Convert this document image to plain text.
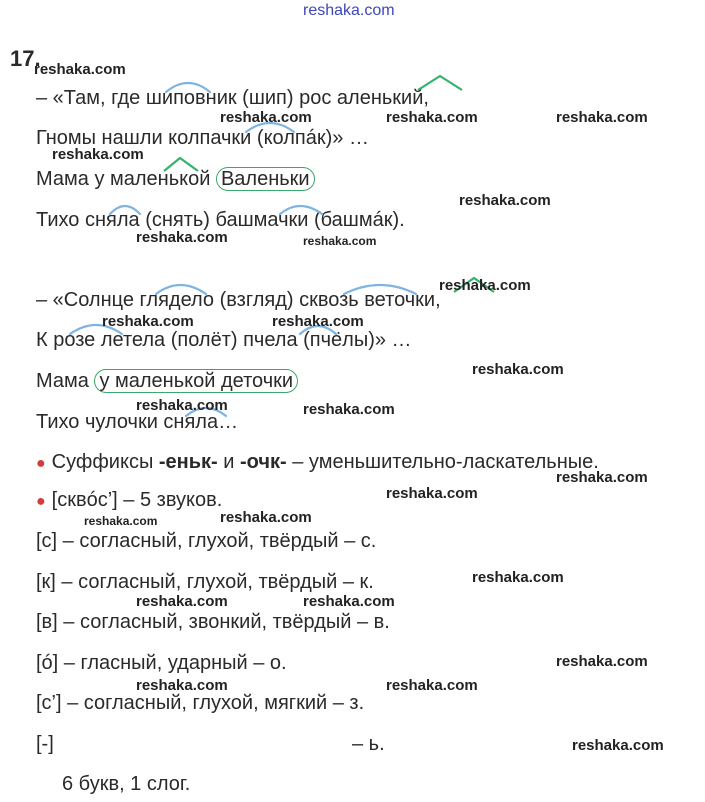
reshaka.com
17.
– «Там, где шиповник (шип) рос аленький,
Гномы нашли колпачки (колпáк)» …
Мама у маленькой Валеньки
Тихо сняла (снять) башмачки (башмáк).
– «Солнце глядело (взгляд) сквозь веточки,
К розе летела (полёт) пчела (пчёлы)» …
Мама у маленькой деточки
Тихо чулочки сняла…
● Суффиксы -еньк- и -очк- – уменьшительно-ласкательные.
● [сквóс’] – 5 звуков.
[с] – согласный, глухой, твёрдый – с.
[к] – согласный, глухой, твёрдый – к.
[в] – согласный, звонкий, твёрдый – в.
[ó] – гласный, ударный – о.
[с’] – согласный, глухой, мягкий – з.
[-]	– ь.
6 букв, 1 слог.
reshaka.com
reshaka.com	reshaka.com	reshaka.com
reshaka.com
reshaka.com
reshaka.com	reshaka.com
reshaka.com
reshaka.com	reshaka.com
reshaka.com
reshaka.com	reshaka.com
reshaka.com
reshaka.com
reshaka.com	reshaka.com
reshaka.com
reshaka.com	reshaka.com
reshaka.com
reshaka.com	reshaka.com
reshaka.com
